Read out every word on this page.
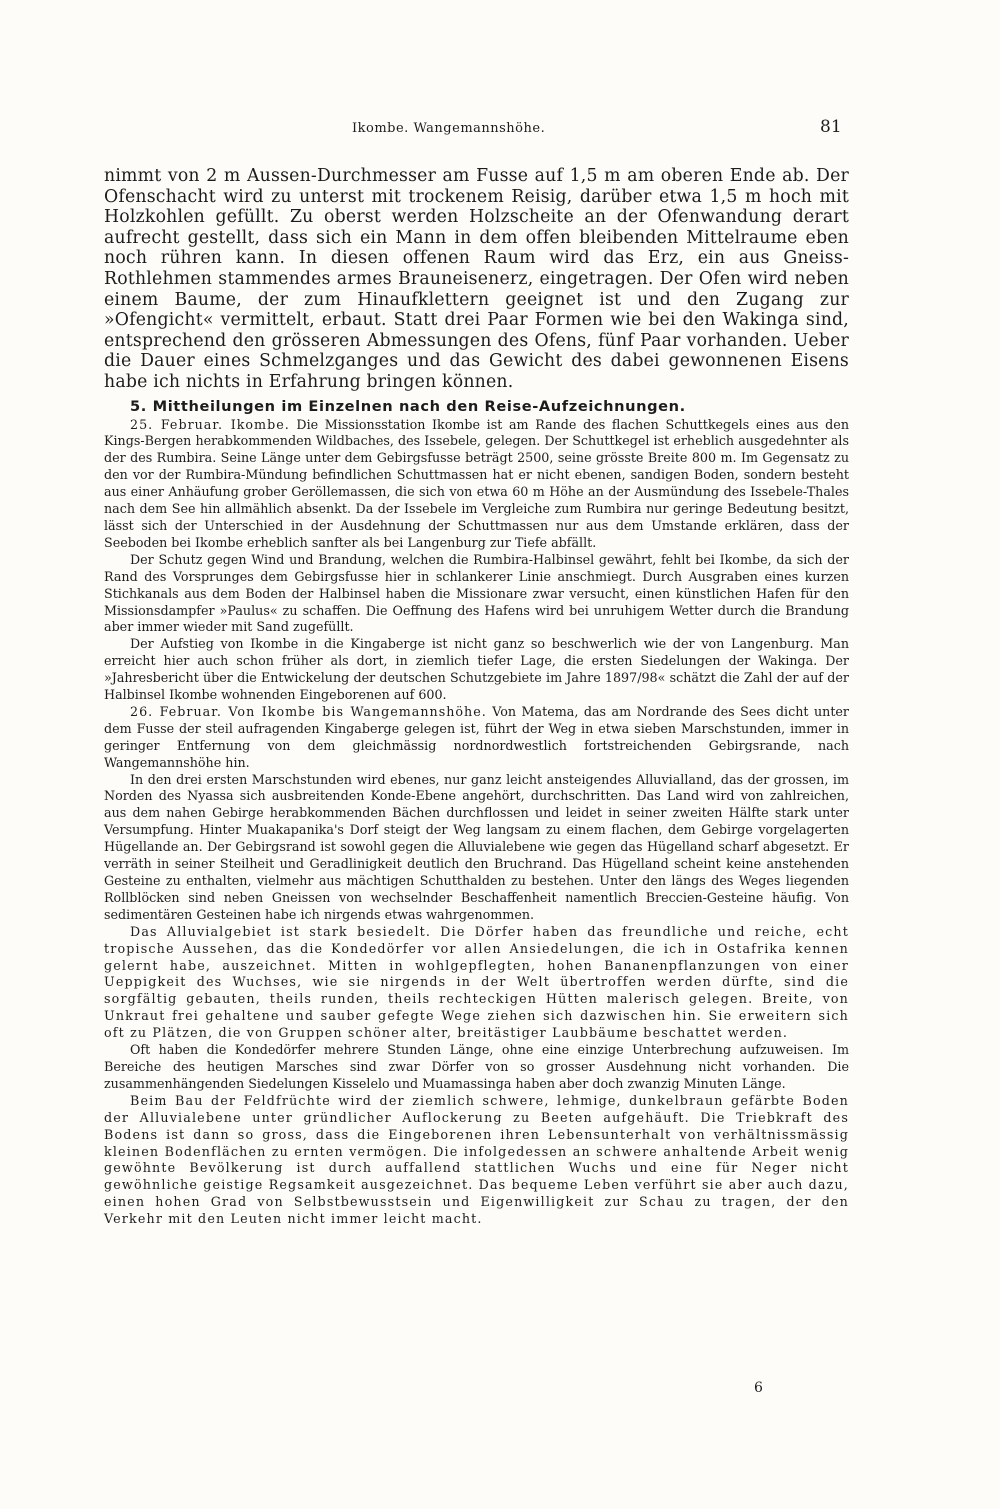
Ikombe. Wangemannshöhe.	81

nimmt von 2 m Aussen-Durchmesser am Fusse auf 1,5 m am oberen Ende ab. Der Ofenschacht wird zu unterst mit trockenem Reisig, darüber etwa 1,5 m hoch mit Holzkohlen gefüllt. Zu oberst werden Holzscheite an der Ofenwandung derart aufrecht gestellt, dass sich ein Mann in dem offen bleibenden Mittelraume eben noch rühren kann. In diesen offenen Raum wird das Erz, ein aus Gneiss-Rothlehmen stammendes armes Brauneisenerz, eingetragen. Der Ofen wird neben einem Baume, der zum Hinaufklettern geeignet ist und den Zugang zur »Ofengicht« vermittelt, erbaut. Statt drei Paar Formen wie bei den Wakinga sind, entsprechend den grösseren Abmessungen des Ofens, fünf Paar vorhanden. Ueber die Dauer eines Schmelzganges und das Gewicht des dabei gewonnenen Eisens habe ich nichts in Erfahrung bringen können.

5. Mittheilungen im Einzelnen nach den Reise-Aufzeichnungen.

25. Februar. Ikombe. Die Missionsstation Ikombe ist am Rande des flachen Schuttkegels eines aus den Kings-Bergen herabkommenden Wildbaches, des Issebele, gelegen. Der Schuttkegel ist erheblich ausgedehnter als der des Rumbira. Seine Länge unter dem Gebirgsfusse beträgt 2500, seine grösste Breite 800 m. Im Gegensatz zu den vor der Rumbira-Mündung befindlichen Schuttmassen hat er nicht ebenen, sandigen Boden, sondern besteht aus einer Anhäufung grober Geröllemassen, die sich von etwa 60 m Höhe an der Ausmündung des Issebele-Thales nach dem See hin allmählich absenkt. Da der Issebele im Vergleiche zum Rumbira nur geringe Bedeutung besitzt, lässt sich der Unterschied in der Ausdehnung der Schuttmassen nur aus dem Umstande erklären, dass der Seeboden bei Ikombe erheblich sanfter als bei Langenburg zur Tiefe abfällt.

Der Schutz gegen Wind und Brandung, welchen die Rumbira-Halbinsel gewährt, fehlt bei Ikombe, da sich der Rand des Vorsprunges dem Gebirgsfusse hier in schlankerer Linie anschmiegt. Durch Ausgraben eines kurzen Stichkanals aus dem Boden der Halbinsel haben die Missionare zwar versucht, einen künstlichen Hafen für den Missionsdampfer »Paulus« zu schaffen. Die Oeffnung des Hafens wird bei unruhigem Wetter durch die Brandung aber immer wieder mit Sand zugefüllt.

Der Aufstieg von Ikombe in die Kingaberge ist nicht ganz so beschwerlich wie der von Langenburg. Man erreicht hier auch schon früher als dort, in ziemlich tiefer Lage, die ersten Siedelungen der Wakinga. Der »Jahresbericht über die Entwickelung der deutschen Schutzgebiete im Jahre 1897/98« schätzt die Zahl der auf der Halbinsel Ikombe wohnenden Eingeborenen auf 600.

26. Februar. Von Ikombe bis Wangemannshöhe. Von Matema, das am Nordrande des Sees dicht unter dem Fusse der steil aufragenden Kingaberge gelegen ist, führt der Weg in etwa sieben Marschstunden, immer in geringer Entfernung von dem gleichmässig nordnordwestlich fortstreichenden Gebirgsrande, nach Wangemannshöhe hin.

In den drei ersten Marschstunden wird ebenes, nur ganz leicht ansteigendes Alluvialland, das der grossen, im Norden des Nyassa sich ausbreitenden Konde-Ebene angehört, durchschritten. Das Land wird von zahlreichen, aus dem nahen Gebirge herabkommenden Bächen durchflossen und leidet in seiner zweiten Hälfte stark unter Versumpfung. Hinter Muakapanika's Dorf steigt der Weg langsam zu einem flachen, dem Gebirge vorgelagerten Hügellande an. Der Gebirgsrand ist sowohl gegen die Alluvialebene wie gegen das Hügelland scharf abgesetzt. Er verräth in seiner Steilheit und Geradlinigkeit deutlich den Bruchrand. Das Hügelland scheint keine anstehenden Gesteine zu enthalten, vielmehr aus mächtigen Schutthalden zu bestehen. Unter den längs des Weges liegenden Rollblöcken sind neben Gneissen von wechselnder Beschaffenheit namentlich Breccien-Gesteine häufig. Von sedimentären Gesteinen habe ich nirgends etwas wahrgenommen.

Das Alluvialgebiet ist stark besiedelt. Die Dörfer haben das freundliche und reiche, echt tropische Aussehen, das die Kondedörfer vor allen Ansiedelungen, die ich in Ostafrika kennen gelernt habe, auszeichnet. Mitten in wohlgepflegten, hohen Bananenpflanzungen von einer Ueppigkeit des Wuchses, wie sie nirgends in der Welt übertroffen werden dürfte, sind die sorgfältig gebauten, theils runden, theils rechteckigen Hütten malerisch gelegen. Breite, von Unkraut frei gehaltene und sauber gefegte Wege ziehen sich dazwischen hin. Sie erweitern sich oft zu Plätzen, die von Gruppen schöner alter, breitästiger Laubbäume beschattet werden.

Oft haben die Kondedörfer mehrere Stunden Länge, ohne eine einzige Unterbrechung aufzuweisen. Im Bereiche des heutigen Marsches sind zwar Dörfer von so grosser Ausdehnung nicht vorhanden. Die zusammenhängenden Siedelungen Kisselelo und Muamassinga haben aber doch zwanzig Minuten Länge.

Beim Bau der Feldfrüchte wird der ziemlich schwere, lehmige, dunkelbraun gefärbte Boden der Alluvialebene unter gründlicher Auflockerung zu Beeten aufgehäuft. Die Triebkraft des Bodens ist dann so gross, dass die Eingeborenen ihren Lebensunterhalt von verhältnissmässig kleinen Bodenflächen zu ernten vermögen. Die infolgedessen an schwere anhaltende Arbeit wenig gewöhnte Bevölkerung ist durch auffallend stattlichen Wuchs und eine für Neger nicht gewöhnliche geistige Regsamkeit ausgezeichnet. Das bequeme Leben verführt sie aber auch dazu, einen hohen Grad von Selbstbewusstsein und Eigenwilligkeit zur Schau zu tragen, der den Verkehr mit den Leuten nicht immer leicht macht.

6
